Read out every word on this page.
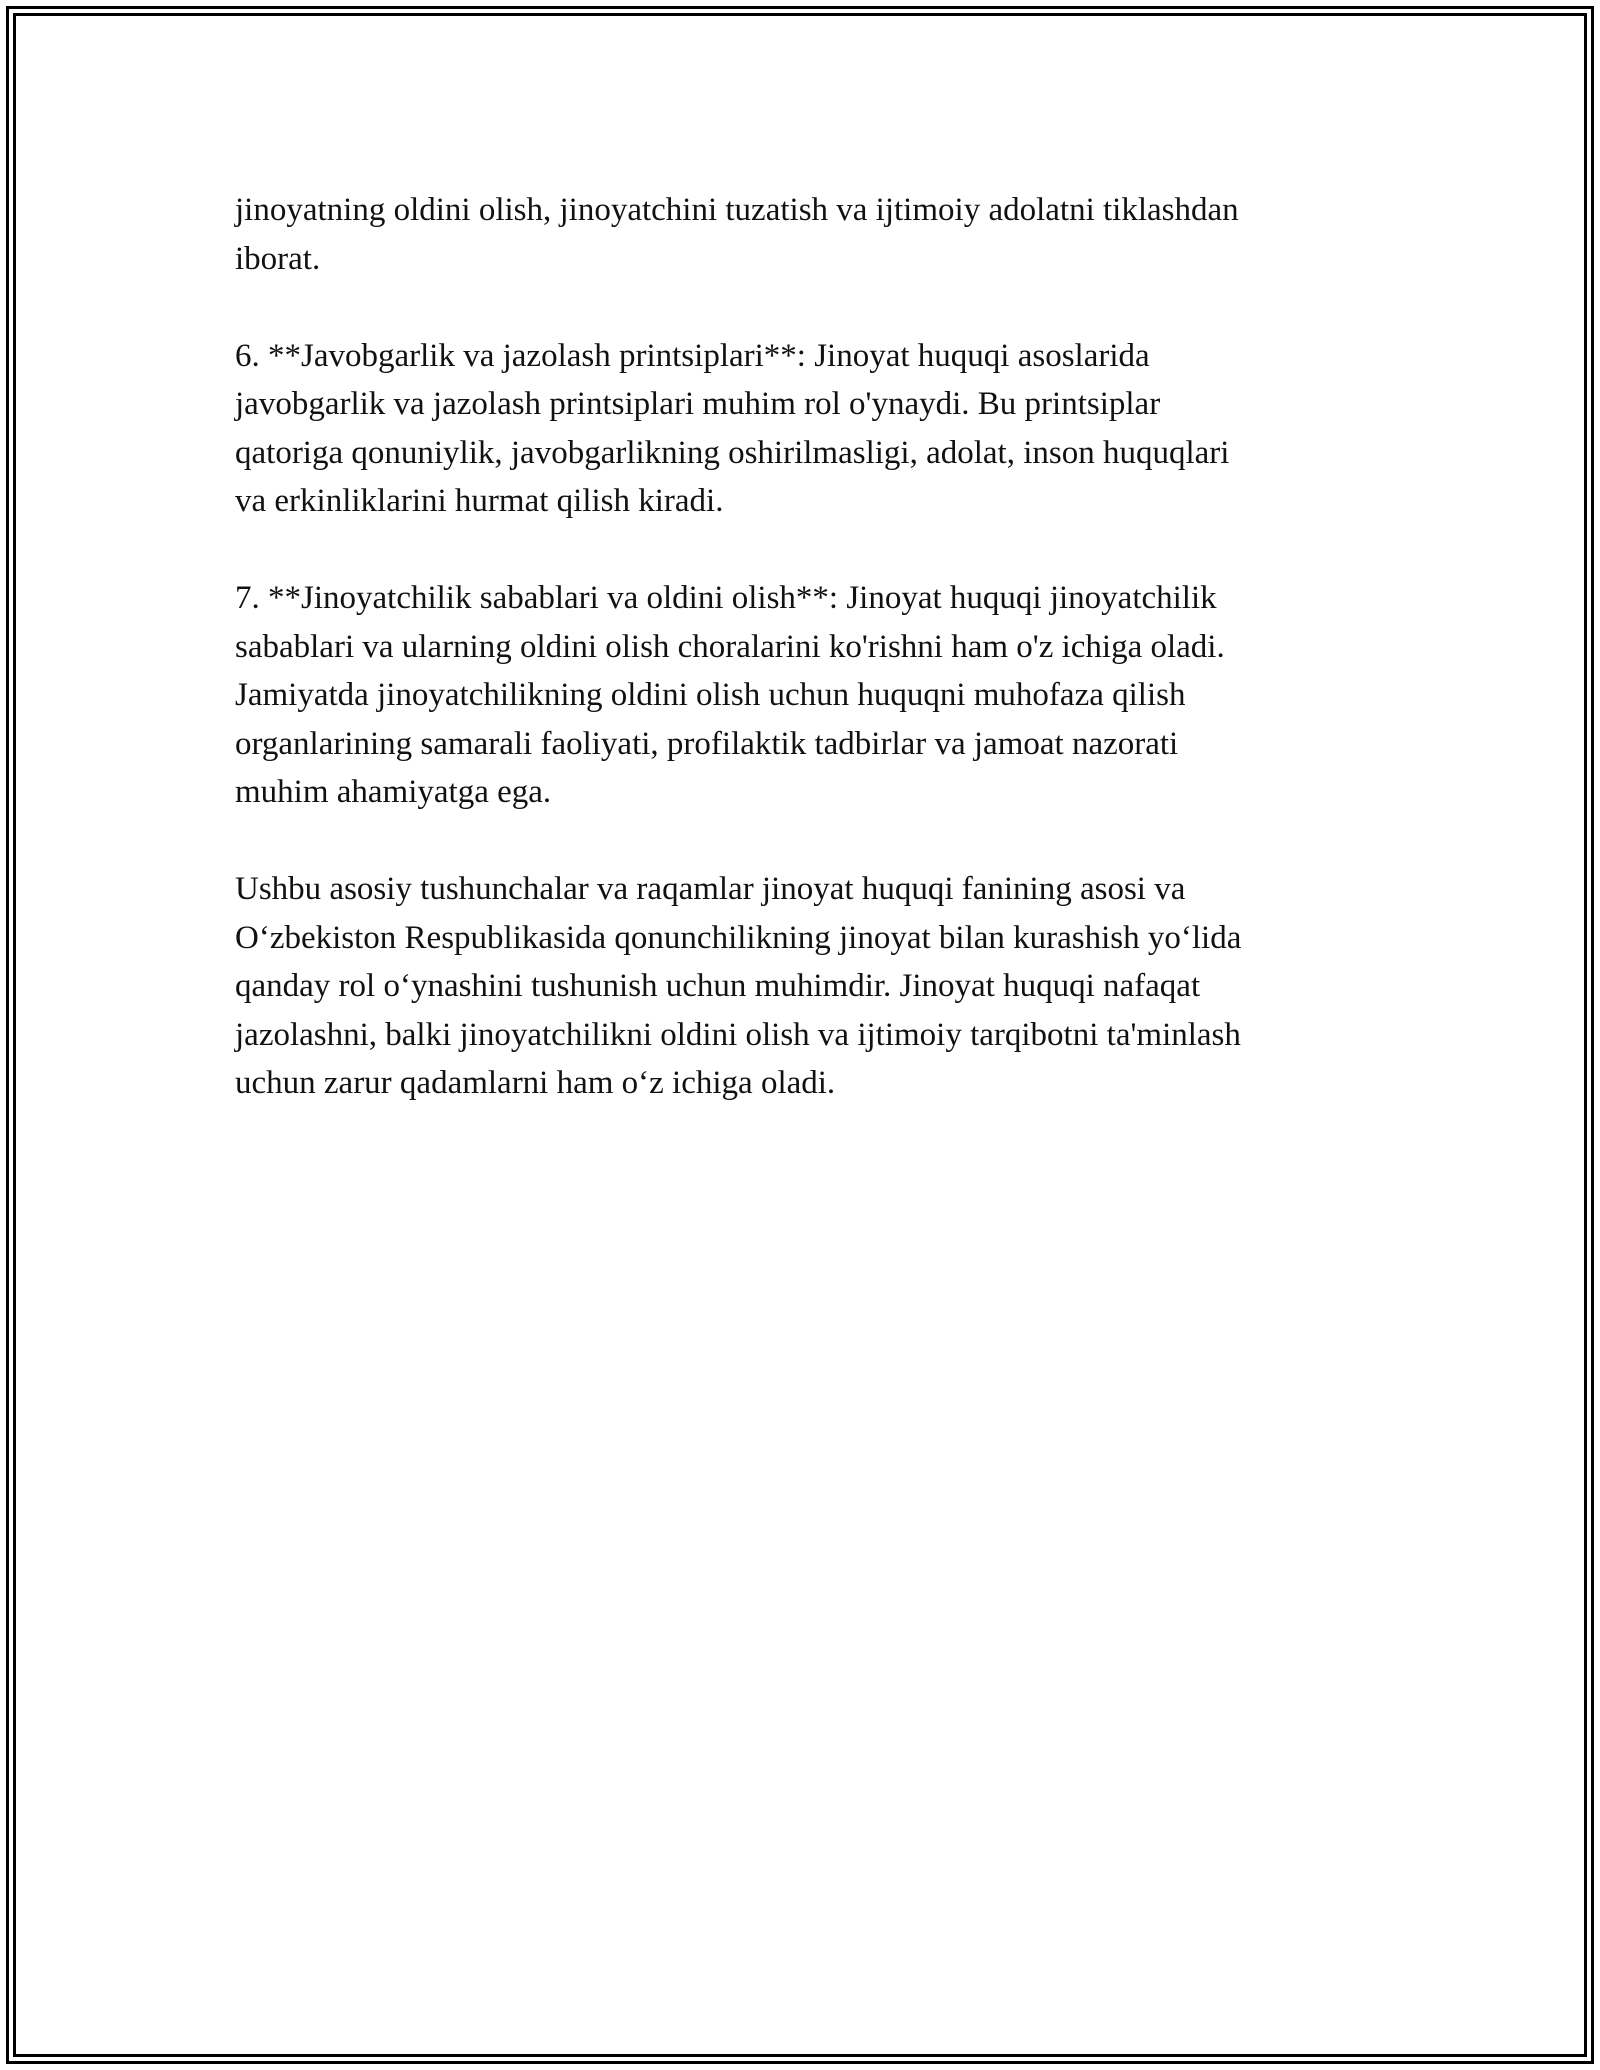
jinoyatning oldini olish, jinoyatchini tuzatish va ijtimoiy adolatni tiklashdan
iborat.

6. **Javobgarlik va jazolash printsiplari**: Jinoyat huquqi asoslarida
javobgarlik va jazolash printsiplari muhim rol o'ynaydi. Bu printsiplar
qatoriga qonuniylik, javobgarlikning oshirilmasligi, adolat, inson huquqlari
va erkinliklarini hurmat qilish kiradi.

7. **Jinoyatchilik sabablari va oldini olish**: Jinoyat huquqi jinoyatchilik
sabablari va ularning oldini olish choralarini ko'rishni ham o'z ichiga oladi.
Jamiyatda jinoyatchilikning oldini olish uchun huquqni muhofaza qilish
organlarining samarali faoliyati, profilaktik tadbirlar va jamoat nazorati
muhim ahamiyatga ega.

Ushbu asosiy tushunchalar va raqamlar jinoyat huquqi fanining asosi va
O‘zbekiston Respublikasida qonunchilikning jinoyat bilan kurashish yo‘lida
qanday rol o‘ynashini tushunish uchun muhimdir. Jinoyat huquqi nafaqat
jazolashni, balki jinoyatchilikni oldini olish va ijtimoiy tarqibotni ta'minlash
uchun zarur qadamlarni ham o‘z ichiga oladi.
